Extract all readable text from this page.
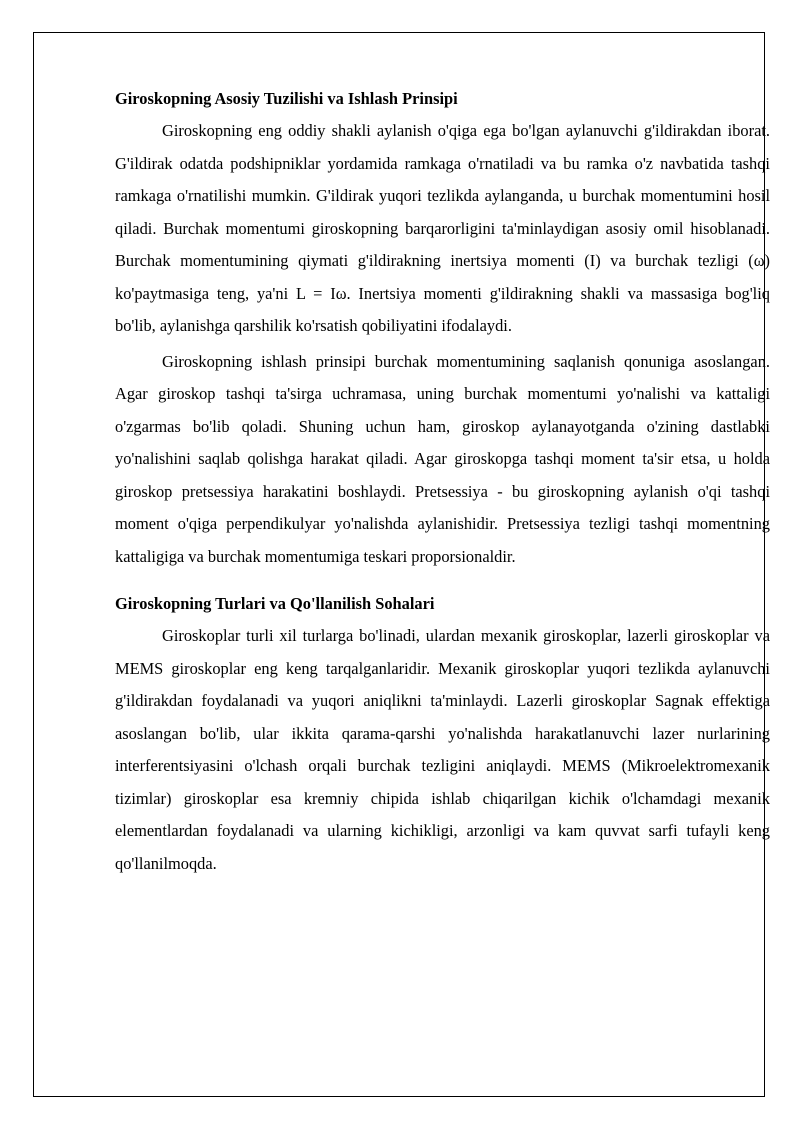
Giroskopning Asosiy Tuzilishi va Ishlash Prinsipi

Giroskopning eng oddiy shakli aylanish o'qiga ega bo'lgan aylanuvchi g'ildirakdan iborat. G'ildirak odatda podshipniklar yordamida ramkaga o'rnatiladi va bu ramka o'z navbatida tashqi ramkaga o'rnatilishi mumkin. G'ildirak yuqori tezlikda aylanganda, u burchak momentumini hosil qiladi. Burchak momentumi giroskopning barqarorligini ta'minlaydigan asosiy omil hisoblanadi. Burchak momentumining qiymati g'ildirakning inertsiya momenti (I) va burchak tezligi (ω) ko'paytmasiga teng, ya'ni L = Iω. Inertsiya momenti g'ildirakning shakli va massasiga bog'liq bo'lib, aylanishga qarshilik ko'rsatish qobiliyatini ifodalaydi.

Giroskopning ishlash prinsipi burchak momentumining saqlanish qonuniga asoslangan. Agar giroskop tashqi ta'sirga uchramasa, uning burchak momentumi yo'nalishi va kattaligi o'zgarmas bo'lib qoladi. Shuning uchun ham, giroskop aylanayotganda o'zining dastlabki yo'nalishini saqlab qolishga harakat qiladi. Agar giroskopga tashqi moment ta'sir etsa, u holda giroskop pretsessiya harakatini boshlaydi. Pretsessiya - bu giroskopning aylanish o'qi tashqi moment o'qiga perpendikulyar yo'nalishda aylanishidir. Pretsessiya tezligi tashqi momentning kattaligiga va burchak momentumiga teskari proporsionaldir.

Giroskopning Turlari va Qo'llanilish Sohalari

Giroskoplar turli xil turlarga bo'linadi, ulardan mexanik giroskoplar, lazerli giroskoplar va MEMS giroskoplar eng keng tarqalganlaridir. Mexanik giroskoplar yuqori tezlikda aylanuvchi g'ildirakdan foydalanadi va yuqori aniqlikni ta'minlaydi. Lazerli giroskoplar Sagnak effektiga asoslangan bo'lib, ular ikkita qarama-qarshi yo'nalishda harakatlanuvchi lazer nurlarining interferentsiyasini o'lchash orqali burchak tezligini aniqlaydi. MEMS (Mikroelektromexanik tizimlar) giroskoplar esa kremniy chipida ishlab chiqarilgan kichik o'lchamdagi mexanik elementlardan foydalanadi va ularning kichikligi, arzonligi va kam quvvat sarfi tufayli keng qo'llanilmoqda.
